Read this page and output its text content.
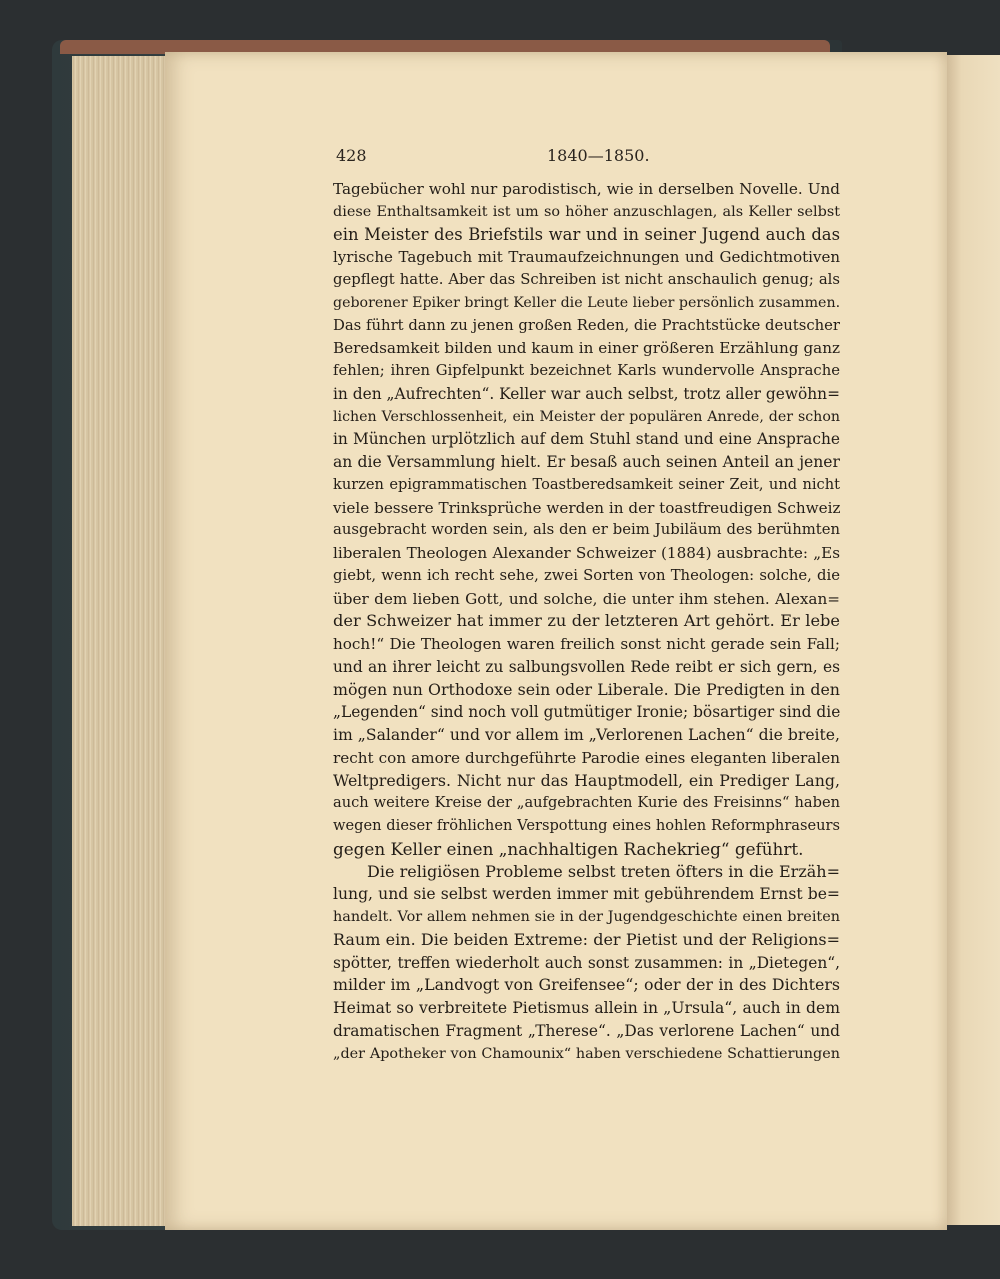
428	1840—1850.
Tagebücher wohl nur parodistisch, wie in derselben Novelle. Und
diese Enthaltsamkeit ist um so höher anzuschlagen, als Keller selbst
ein Meister des Briefstils war und in seiner Jugend auch das
lyrische Tagebuch mit Traumaufzeichnungen und Gedichtmotiven
gepflegt hatte. Aber das Schreiben ist nicht anschaulich genug; als
geborener Epiker bringt Keller die Leute lieber persönlich zusammen.
Das führt dann zu jenen großen Reden, die Prachtstücke deutscher
Beredsamkeit bilden und kaum in einer größeren Erzählung ganz
fehlen; ihren Gipfelpunkt bezeichnet Karls wundervolle Ansprache
in den „Aufrechten“. Keller war auch selbst, trotz aller gewöhn=
lichen Verschlossenheit, ein Meister der populären Anrede, der schon
in München urplötzlich auf dem Stuhl stand und eine Ansprache
an die Versammlung hielt. Er besaß auch seinen Anteil an jener
kurzen epigrammatischen Toastberedsamkeit seiner Zeit, und nicht
viele bessere Trinksprüche werden in der toastfreudigen Schweiz
ausgebracht worden sein, als den er beim Jubiläum des berühmten
liberalen Theologen Alexander Schweizer (1884) ausbrachte: „Es
giebt, wenn ich recht sehe, zwei Sorten von Theologen: solche, die
über dem lieben Gott, und solche, die unter ihm stehen. Alexan=
der Schweizer hat immer zu der letzteren Art gehört. Er lebe
hoch!“ Die Theologen waren freilich sonst nicht gerade sein Fall;
und an ihrer leicht zu salbungsvollen Rede reibt er sich gern, es
mögen nun Orthodoxe sein oder Liberale. Die Predigten in den
„Legenden“ sind noch voll gutmütiger Ironie; bösartiger sind die
im „Salander“ und vor allem im „Verlorenen Lachen“ die breite,
recht con amore durchgeführte Parodie eines eleganten liberalen
Weltpredigers. Nicht nur das Hauptmodell, ein Prediger Lang,
auch weitere Kreise der „aufgebrachten Kurie des Freisinns“ haben
wegen dieser fröhlichen Verspottung eines hohlen Reformphraseurs
gegen Keller einen „nachhaltigen Rachekrieg“ geführt.
Die religiösen Probleme selbst treten öfters in die Erzäh=
lung, und sie selbst werden immer mit gebührendem Ernst be=
handelt. Vor allem nehmen sie in der Jugendgeschichte einen breiten
Raum ein. Die beiden Extreme: der Pietist und der Religions=
spötter, treffen wiederholt auch sonst zusammen: in „Dietegen“,
milder im „Landvogt von Greifensee“; oder der in des Dichters
Heimat so verbreitete Pietismus allein in „Ursula“, auch in dem
dramatischen Fragment „Therese“. „Das verlorene Lachen“ und
„der Apotheker von Chamounix“ haben verschiedene Schattierungen
